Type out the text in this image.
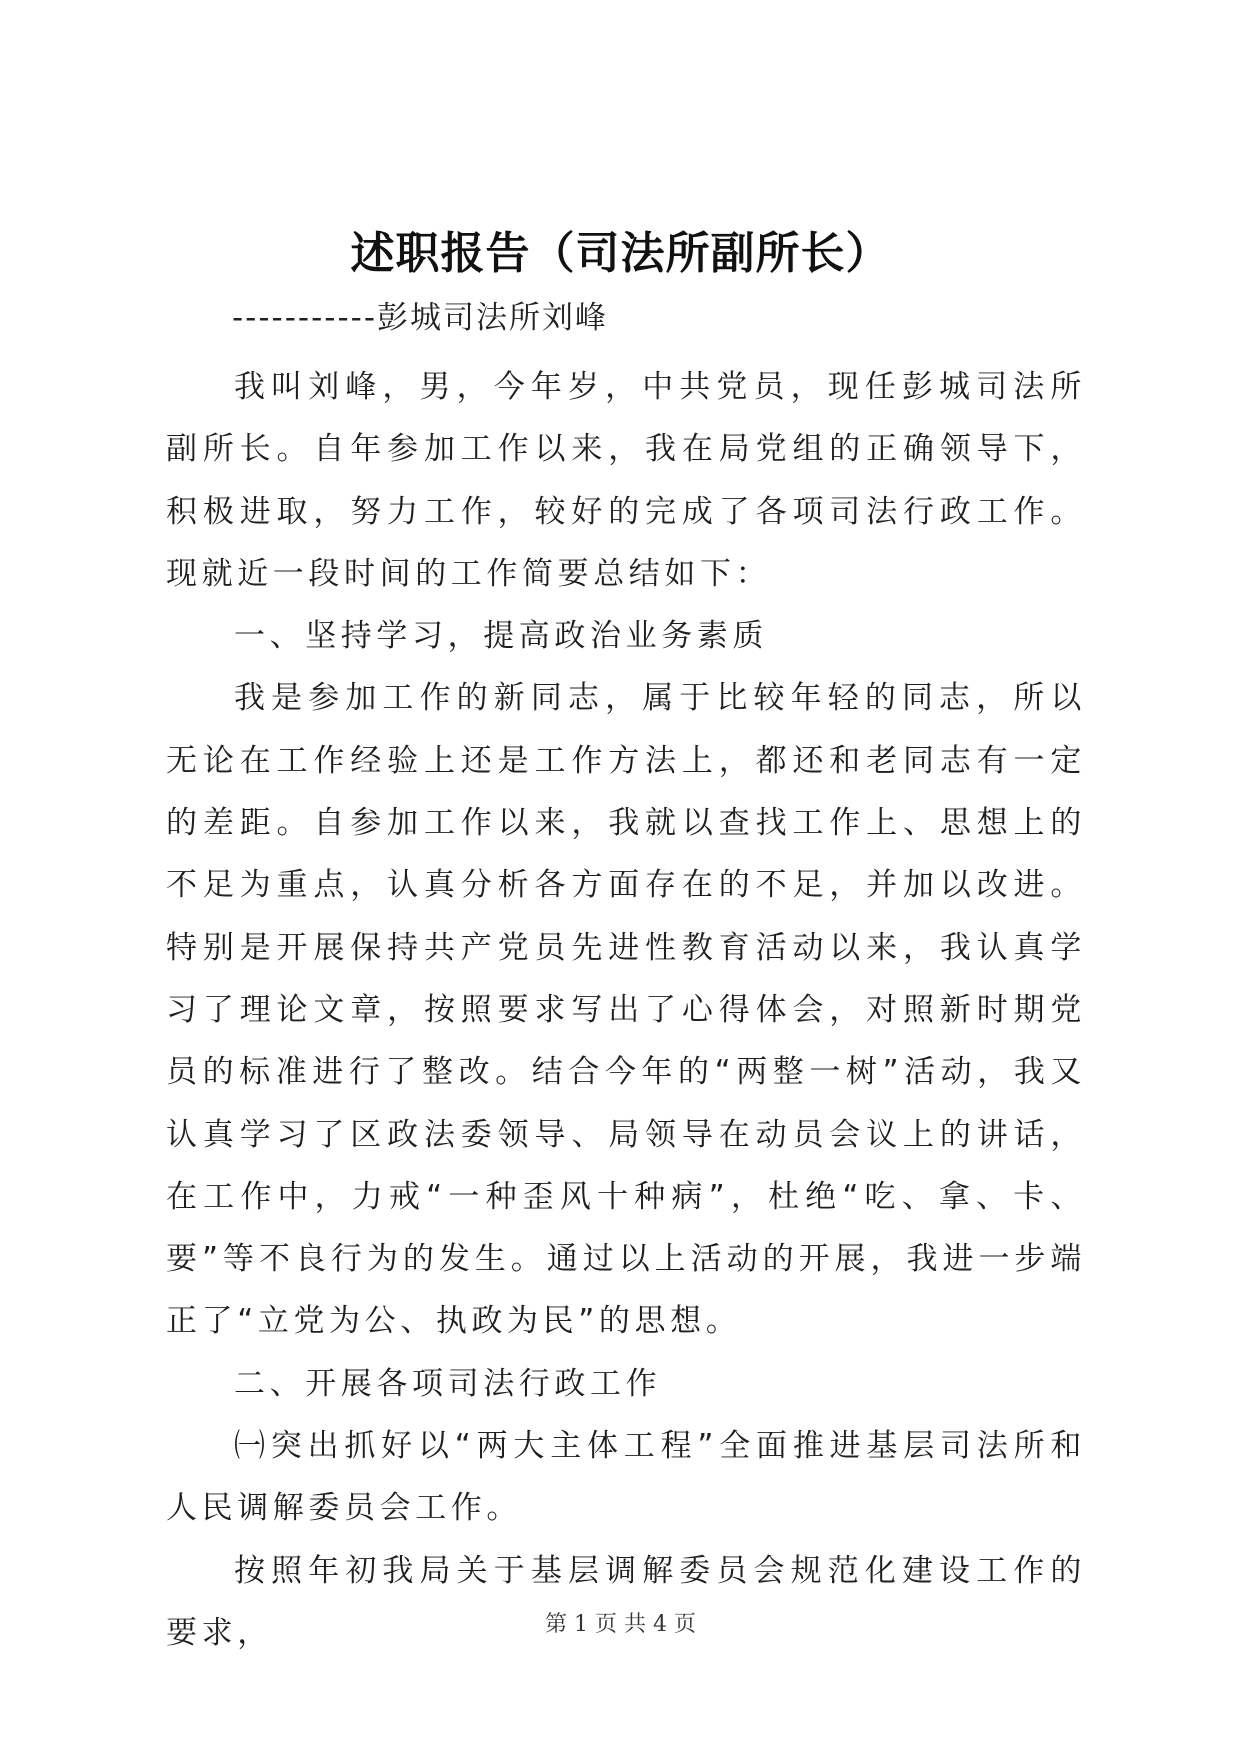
述职报告（司法所副所长）

-----------彭城司法所刘峰

我叫刘峰，男，今年岁，中共党员，现任彭城司法所副所长。自年参加工作以来，我在局党组的正确领导下，积极进取，努力工作，较好的完成了各项司法行政工作。现就近一段时间的工作简要总结如下：

一、坚持学习，提高政治业务素质

我是参加工作的新同志，属于比较年轻的同志，所以无论在工作经验上还是工作方法上，都还和老同志有一定的差距。自参加工作以来，我就以查找工作上、思想上的不足为重点，认真分析各方面存在的不足，并加以改进。特别是开展保持共产党员先进性教育活动以来，我认真学习了理论文章，按照要求写出了心得体会，对照新时期党员的标准进行了整改。结合今年的“两整一树”活动，我又认真学习了区政法委领导、局领导在动员会议上的讲话，在工作中，力戒“一种歪风十种病”，杜绝“吃、拿、卡、要”等不良行为的发生。通过以上活动的开展，我进一步端正了“立党为公、执政为民”的思想。

二、开展各项司法行政工作

㈠突出抓好以“两大主体工程”全面推进基层司法所和人民调解委员会工作。

按照年初我局关于基层调解委员会规范化建设工作的要求，	第 1 页 共 4 页
